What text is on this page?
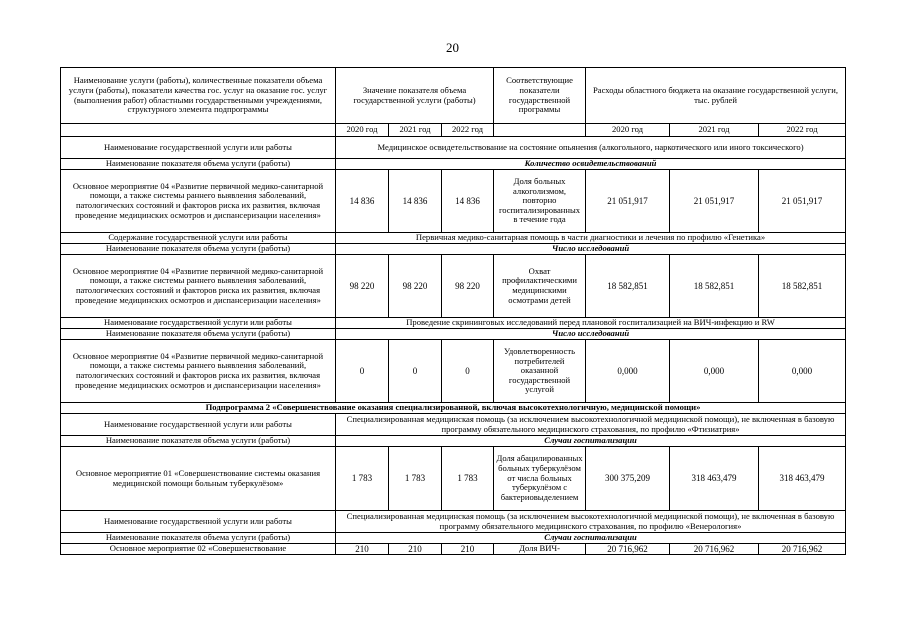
20
Наименование услуги (работы), количественные показатели объема услуги (работы), показатели качества гос. услуг на оказание гос. услуг (выполнения работ) областными государственными учреждениями, структурного элемента подпрограммы	Значение показателя объема государственной услуги (работы)			Соответствующие показатели государственной программы	Расходы областного бюджета на оказание государственной услуги, тыс. рублей		
	2020 год	2021 год	2022 год		2020 год	2021 год	2022 год
Наименование государственной услуги или работы	Медицинское освидетельствование на состояние опьянения (алкогольного, наркотического или иного токсического)						
Наименование показателя объема услуги (работы)	Количество освидетельствований						
Основное мероприятие 04 «Развитие первичной медико-санитарной помощи, а также системы раннего выявления заболеваний, патологических состояний и факторов риска их развития, включая проведение медицинских осмотров и диспансеризации населения»	14 836	14 836	14 836	Доля больных алкоголизмом, повторно госпитализированных в течение года	21 051,917	21 051,917	21 051,917
Содержание государственной услуги или работы	Первичная медико-санитарная помощь в части диагностики и лечения по профилю «Генетика»						
Наименование показателя объема услуги (работы)	Число исследований						
Основное мероприятие 04 «Развитие первичной медико-санитарной помощи, а также системы раннего выявления заболеваний, патологических состояний и факторов риска их развития, включая проведение медицинских осмотров и диспансеризации населения»	98 220	98 220	98 220	Охват профилактическими медицинскими осмотрами детей	18 582,851	18 582,851	18 582,851
Наименование государственной услуги или работы	Проведение скрининговых исследований перед плановой госпитализацией на ВИЧ-инфекцию и RW						
Наименование показателя объема услуги (работы)	Число исследований						
Основное мероприятие 04 «Развитие первичной медико-санитарной помощи, а также системы раннего выявления заболеваний, патологических состояний и факторов риска их развития, включая проведение медицинских осмотров и диспансеризации населения»	0	0	0	Удовлетворенность потребителей оказанной государственной услугой	0,000	0,000	0,000
Подпрограмма 2 «Совершенствование оказания специализированной, включая высокотехнологичную, медицинской помощи»							
Наименование государственной услуги или работы	Специализированная медицинская помощь (за исключением высокотехнологичной медицинской помощи), не включенная в базовую программу обязательного медицинского страхования, по профилю «Фтизиатрия»						
Наименование показателя объема услуги (работы)	Случаи госпитализации						
Основное мероприятие 01 «Совершенствование системы оказания медицинской помощи больным туберкулёзом»	1 783	1 783	1 783	Доля абацилированных больных туберкулёзом от числа больных туберкулёзом с бактериовыделением	300 375,209	318 463,479	318 463,479
Наименование государственной услуги или работы	Специализированная медицинская помощь (за исключением высокотехнологичной медицинской помощи), не включенная в базовую программу обязательного медицинского страхования, по профилю «Венерология»						
Наименование показателя объема услуги (работы)	Случаи госпитализации						
Основное мероприятие 02 «Совершенствование	210	210	210	Доля ВИЧ-	20 716,962	20 716,962	20 716,962
